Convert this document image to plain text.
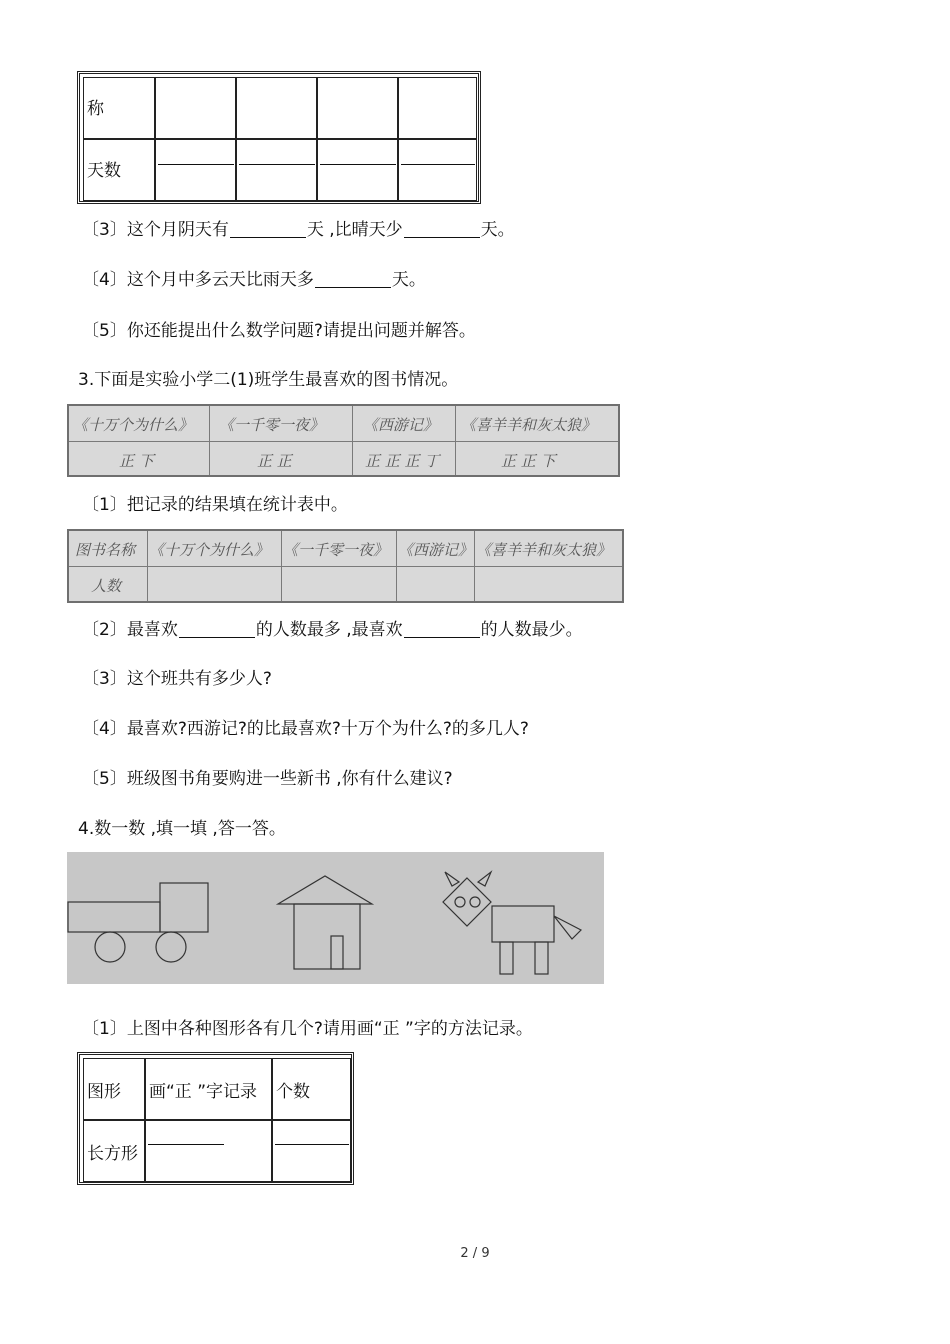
称
天数
〔3〕这个月阴天有	天 ,比晴天少	天。
〔4〕这个月中多云天比雨天多	天。
〔5〕你还能提出什么数学问题?请提出问题并解答。
3.下面是实验小学二(1)班学生最喜欢的图书情况。
《十万个为什么》 《一千零一夜》	《西游记》 《喜羊羊和灰太狼》
正 下	正 正	正 正 正 丁	正 正 下
〔1〕把记录的结果填在统计表中。
图书名称 《十万个为什么》 《一千零一夜》 《西游记》 《喜羊羊和灰太狼》
人数
〔2〕最喜欢	的人数最多 ,最喜欢	的人数最少。
〔3〕这个班共有多少人?
〔4〕最喜欢?西游记?的比最喜欢?十万个为什么?的多几人?
〔5〕班级图书角要购进一些新书 ,你有什么建议?
4.数一数 ,填一填 ,答一答。
〔1〕上图中各种图形各有几个?请用画“正 ”字的方法记录。
图形 画“正 ”字记录 个数
长方形
2 / 9
